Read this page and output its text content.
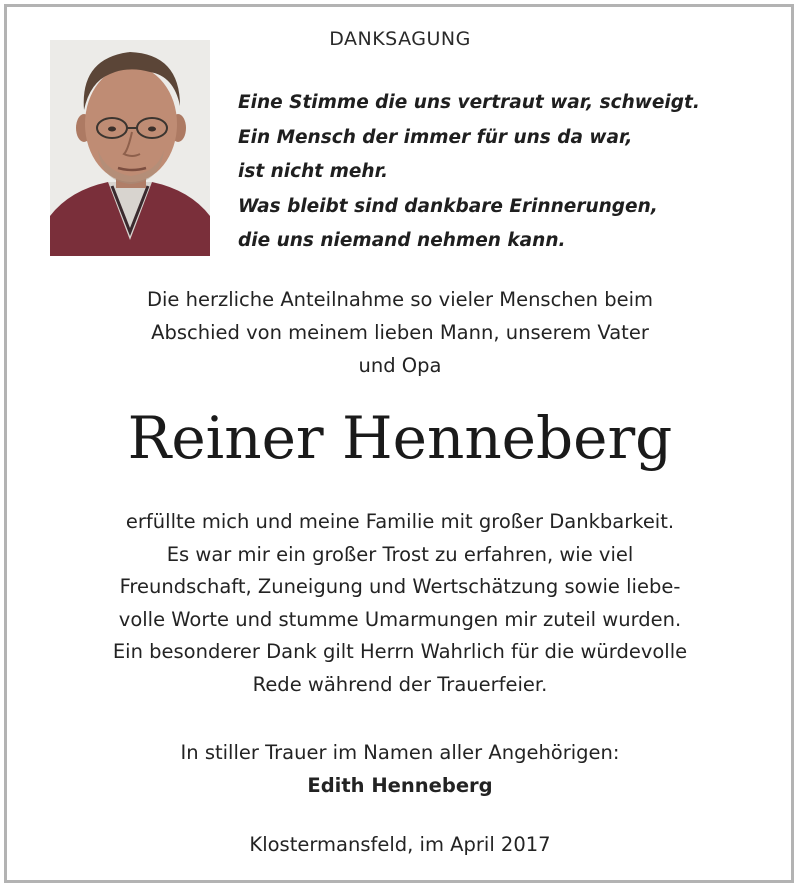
DANKSAGUNG
Eine Stimme die uns vertraut war, schweigt.
Ein Mensch der immer für uns da war,
ist nicht mehr.
Was bleibt sind dankbare Erinnerungen,
die uns niemand nehmen kann.
Die herzliche Anteilnahme so vieler Menschen beim
Abschied von meinem lieben Mann, unserem Vater
und Opa
Reiner Henneberg
erfüllte mich und meine Familie mit großer Dankbarkeit.
Es war mir ein großer Trost zu erfahren, wie viel
Freundschaft, Zuneigung und Wertschätzung sowie liebe-
volle Worte und stumme Umarmungen mir zuteil wurden.
Ein besonderer Dank gilt Herrn Wahrlich für die würdevolle
Rede während der Trauerfeier.
In stiller Trauer im Namen aller Angehörigen:
Edith Henneberg
Klostermansfeld, im April 2017
